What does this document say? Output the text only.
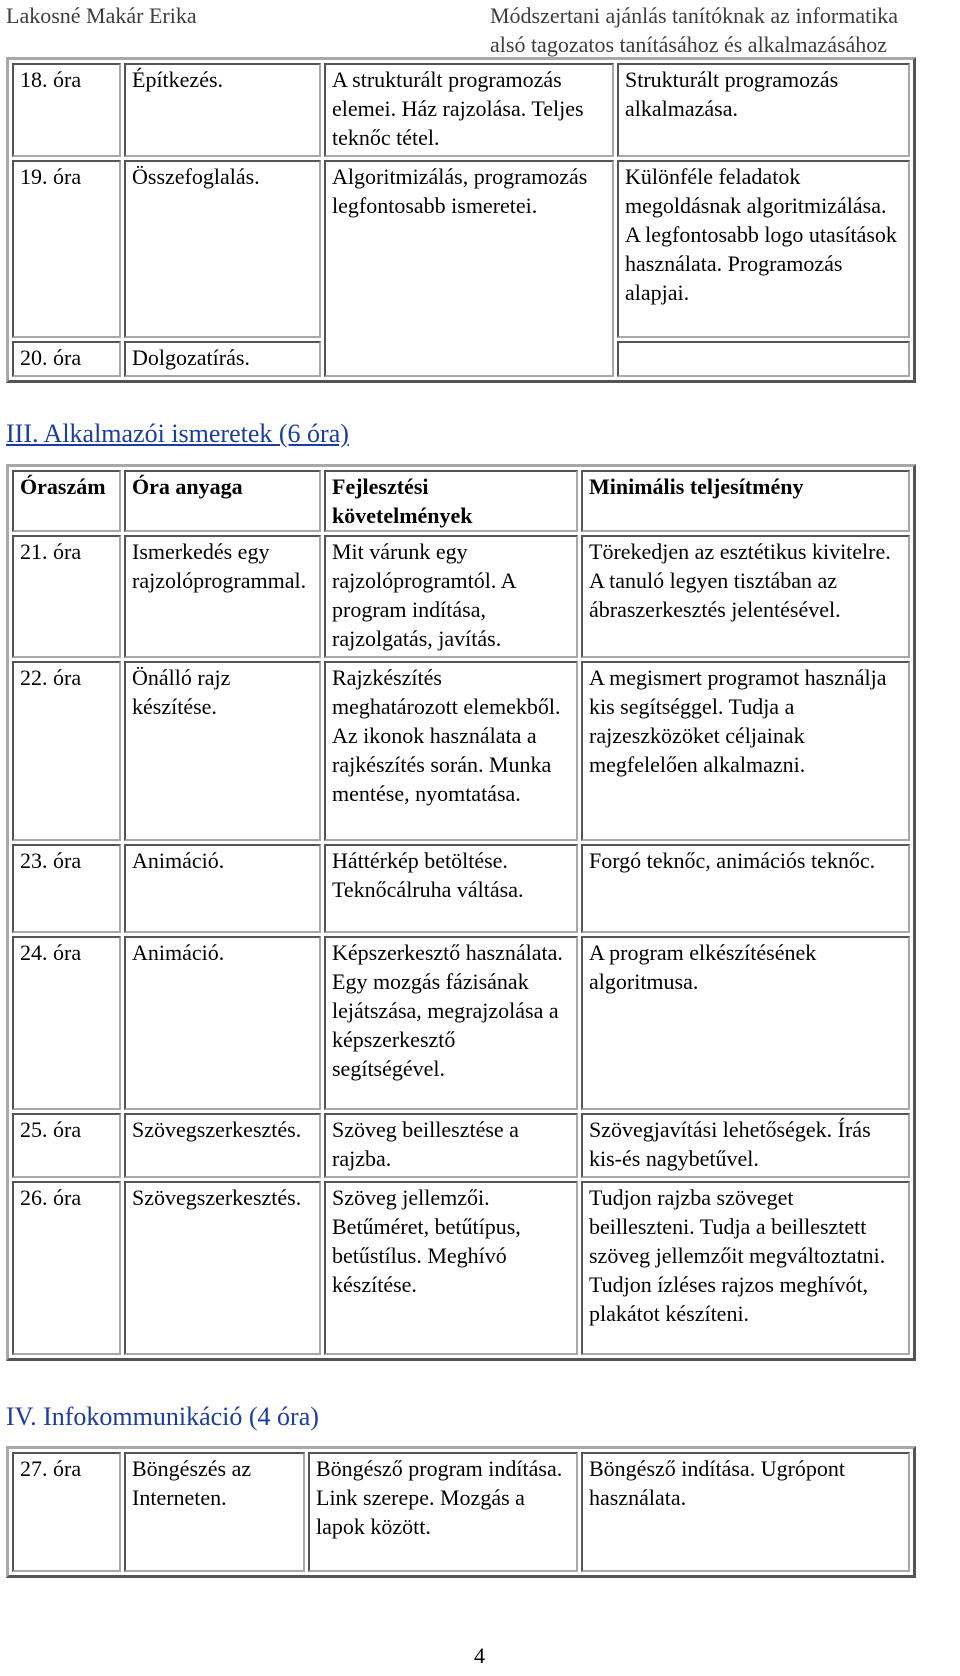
Lakosné Makár Erika	Módszertani ajánlás tanítóknak az informatika
alsó tagozatos tanításához és alkalmazásához
18. óra	Építkezés.	A strukturált programozás elemei. Ház rajzolása. Teljes teknőc tétel.	Strukturált programozás alkalmazása.
19. óra	Összefoglalás.	Algoritmizálás, programozás legfontosabb ismeretei.	Különféle feladatok megoldásnak algoritmizálása. A legfontosabb logo utasítások használata. Programozás alapjai.
20. óra	Dolgozatírás.		
III. Alkalmazói ismeretek (6 óra)
Óraszám	Óra anyaga	Fejlesztési követelmények	Minimális teljesítmény
21. óra	Ismerkedés egy rajzolóprogrammal.	Mit várunk egy rajzolóprogramtól. A program indítása, rajzolgatás, javítás.	Törekedjen az esztétikus kivitelre. A tanuló legyen tisztában az ábraszerkesztés jelentésével.
22. óra	Önálló rajz készítése.	Rajzkészítés meghatározott elemekből. Az ikonok használata a rajkészítés során. Munka mentése, nyomtatása.	A megismert programot használja kis segítséggel. Tudja a rajzeszközöket céljainak megfelelően alkalmazni.
23. óra	Animáció.	Háttérkép betöltése. Teknőcálruha váltása.	Forgó teknőc, animációs teknőc.
24. óra	Animáció.	Képszerkesztő használata. Egy mozgás fázisának lejátszása, megrajzolása a képszerkesztő segítségével.	A program elkészítésének algoritmusa.
25. óra	Szövegszerkesztés.	Szöveg beillesztése a rajzba.	Szövegjavítási lehetőségek. Írás kis-és nagybetűvel.
26. óra	Szövegszerkesztés.	Szöveg jellemzői. Betűméret, betűtípus, betűstílus. Meghívó készítése.	Tudjon rajzba szöveget beilleszteni. Tudja a beillesztett szöveg jellemzőit megváltoztatni. Tudjon ízléses rajzos meghívót, plakátot készíteni.
IV. Infokommunikáció (4 óra)
27. óra	Böngészés az Interneten.	Böngésző program indítása. Link szerepe. Mozgás a lapok között.	Böngésző indítása. Ugrópont használata.
4
